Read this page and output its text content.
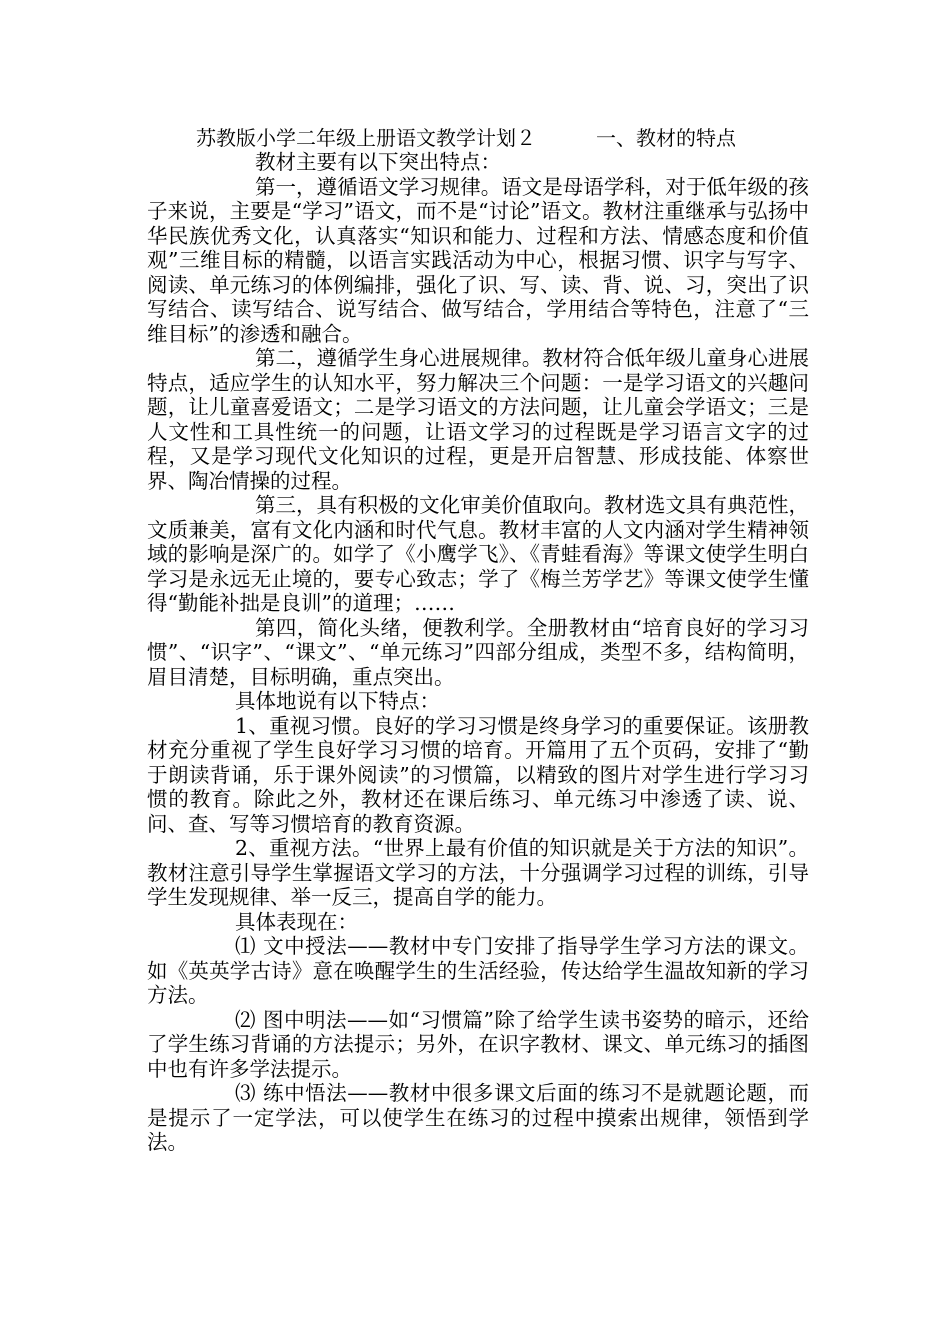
苏教版小学二年级上册语文教学计划２	一、教材的特点

教材主要有以下突出特点：

第一，遵循语文学习规律。语文是母语学科，对于低年级的孩子来说，主要是“学习”语文，而不是“讨论”语文。教材注重继承与弘扬中华民族优秀文化，认真落实“知识和能力、过程和方法、情感态度和价值观”三维目标的精髓，以语言实践活动为中心，根据习惯、识字与写字、阅读、单元练习的体例编排，强化了识、写、读、背、说、习，突出了识写结合、读写结合、说写结合、做写结合，学用结合等特色，注意了“三维目标”的渗透和融合。

第二，遵循学生身心进展规律。教材符合低年级儿童身心进展特点，适应学生的认知水平，努力解决三个问题：一是学习语文的兴趣问题，让儿童喜爱语文；二是学习语文的方法问题，让儿童会学语文；三是人文性和工具性统一的问题，让语文学习的过程既是学习语言文字的过程，又是学习现代文化知识的过程，更是开启智慧、形成技能、体察世界、陶冶情操的过程。

第三，具有积极的文化审美价值取向。教材选文具有典范性，文质兼美，富有文化内涵和时代气息。教材丰富的人文内涵对学生精神领域的影响是深广的。如学了《小鹰学飞》、《青蛙看海》等课文使学生明白学习是永远无止境的，要专心致志；学了《梅兰芳学艺》等课文使学生懂得“勤能补拙是良训”的道理；……

第四，简化头绪，便教利学。全册教材由“培育良好的学习习惯”、“识字”、“课文”、“单元练习”四部分组成，类型不多，结构简明，眉目清楚，目标明确，重点突出。

具体地说有以下特点：

1、重视习惯。良好的学习习惯是终身学习的重要保证。该册教材充分重视了学生良好学习习惯的培育。开篇用了五个页码，安排了“勤于朗读背诵，乐于课外阅读”的习惯篇，以精致的图片对学生进行学习习惯的教育。除此之外，教材还在课后练习、单元练习中渗透了读、说、问、查、写等习惯培育的教育资源。

2、重视方法。“世界上最有价值的知识就是关于方法的知识”。教材注意引导学生掌握语文学习的方法，十分强调学习过程的训练，引导学生发现规律、举一反三，提高自学的能力。

具体表现在：

⑴ 文中授法——教材中专门安排了指导学生学习方法的课文。如《英英学古诗》意在唤醒学生的生活经验，传达给学生温故知新的学习方法。

⑵ 图中明法——如“习惯篇”除了给学生读书姿势的暗示，还给了学生练习背诵的方法提示；另外，在识字教材、课文、单元练习的插图中也有许多学法提示。

⑶ 练中悟法——教材中很多课文后面的练习不是就题论题，而是提示了一定学法，可以使学生在练习的过程中摸索出规律，领悟到学法。
